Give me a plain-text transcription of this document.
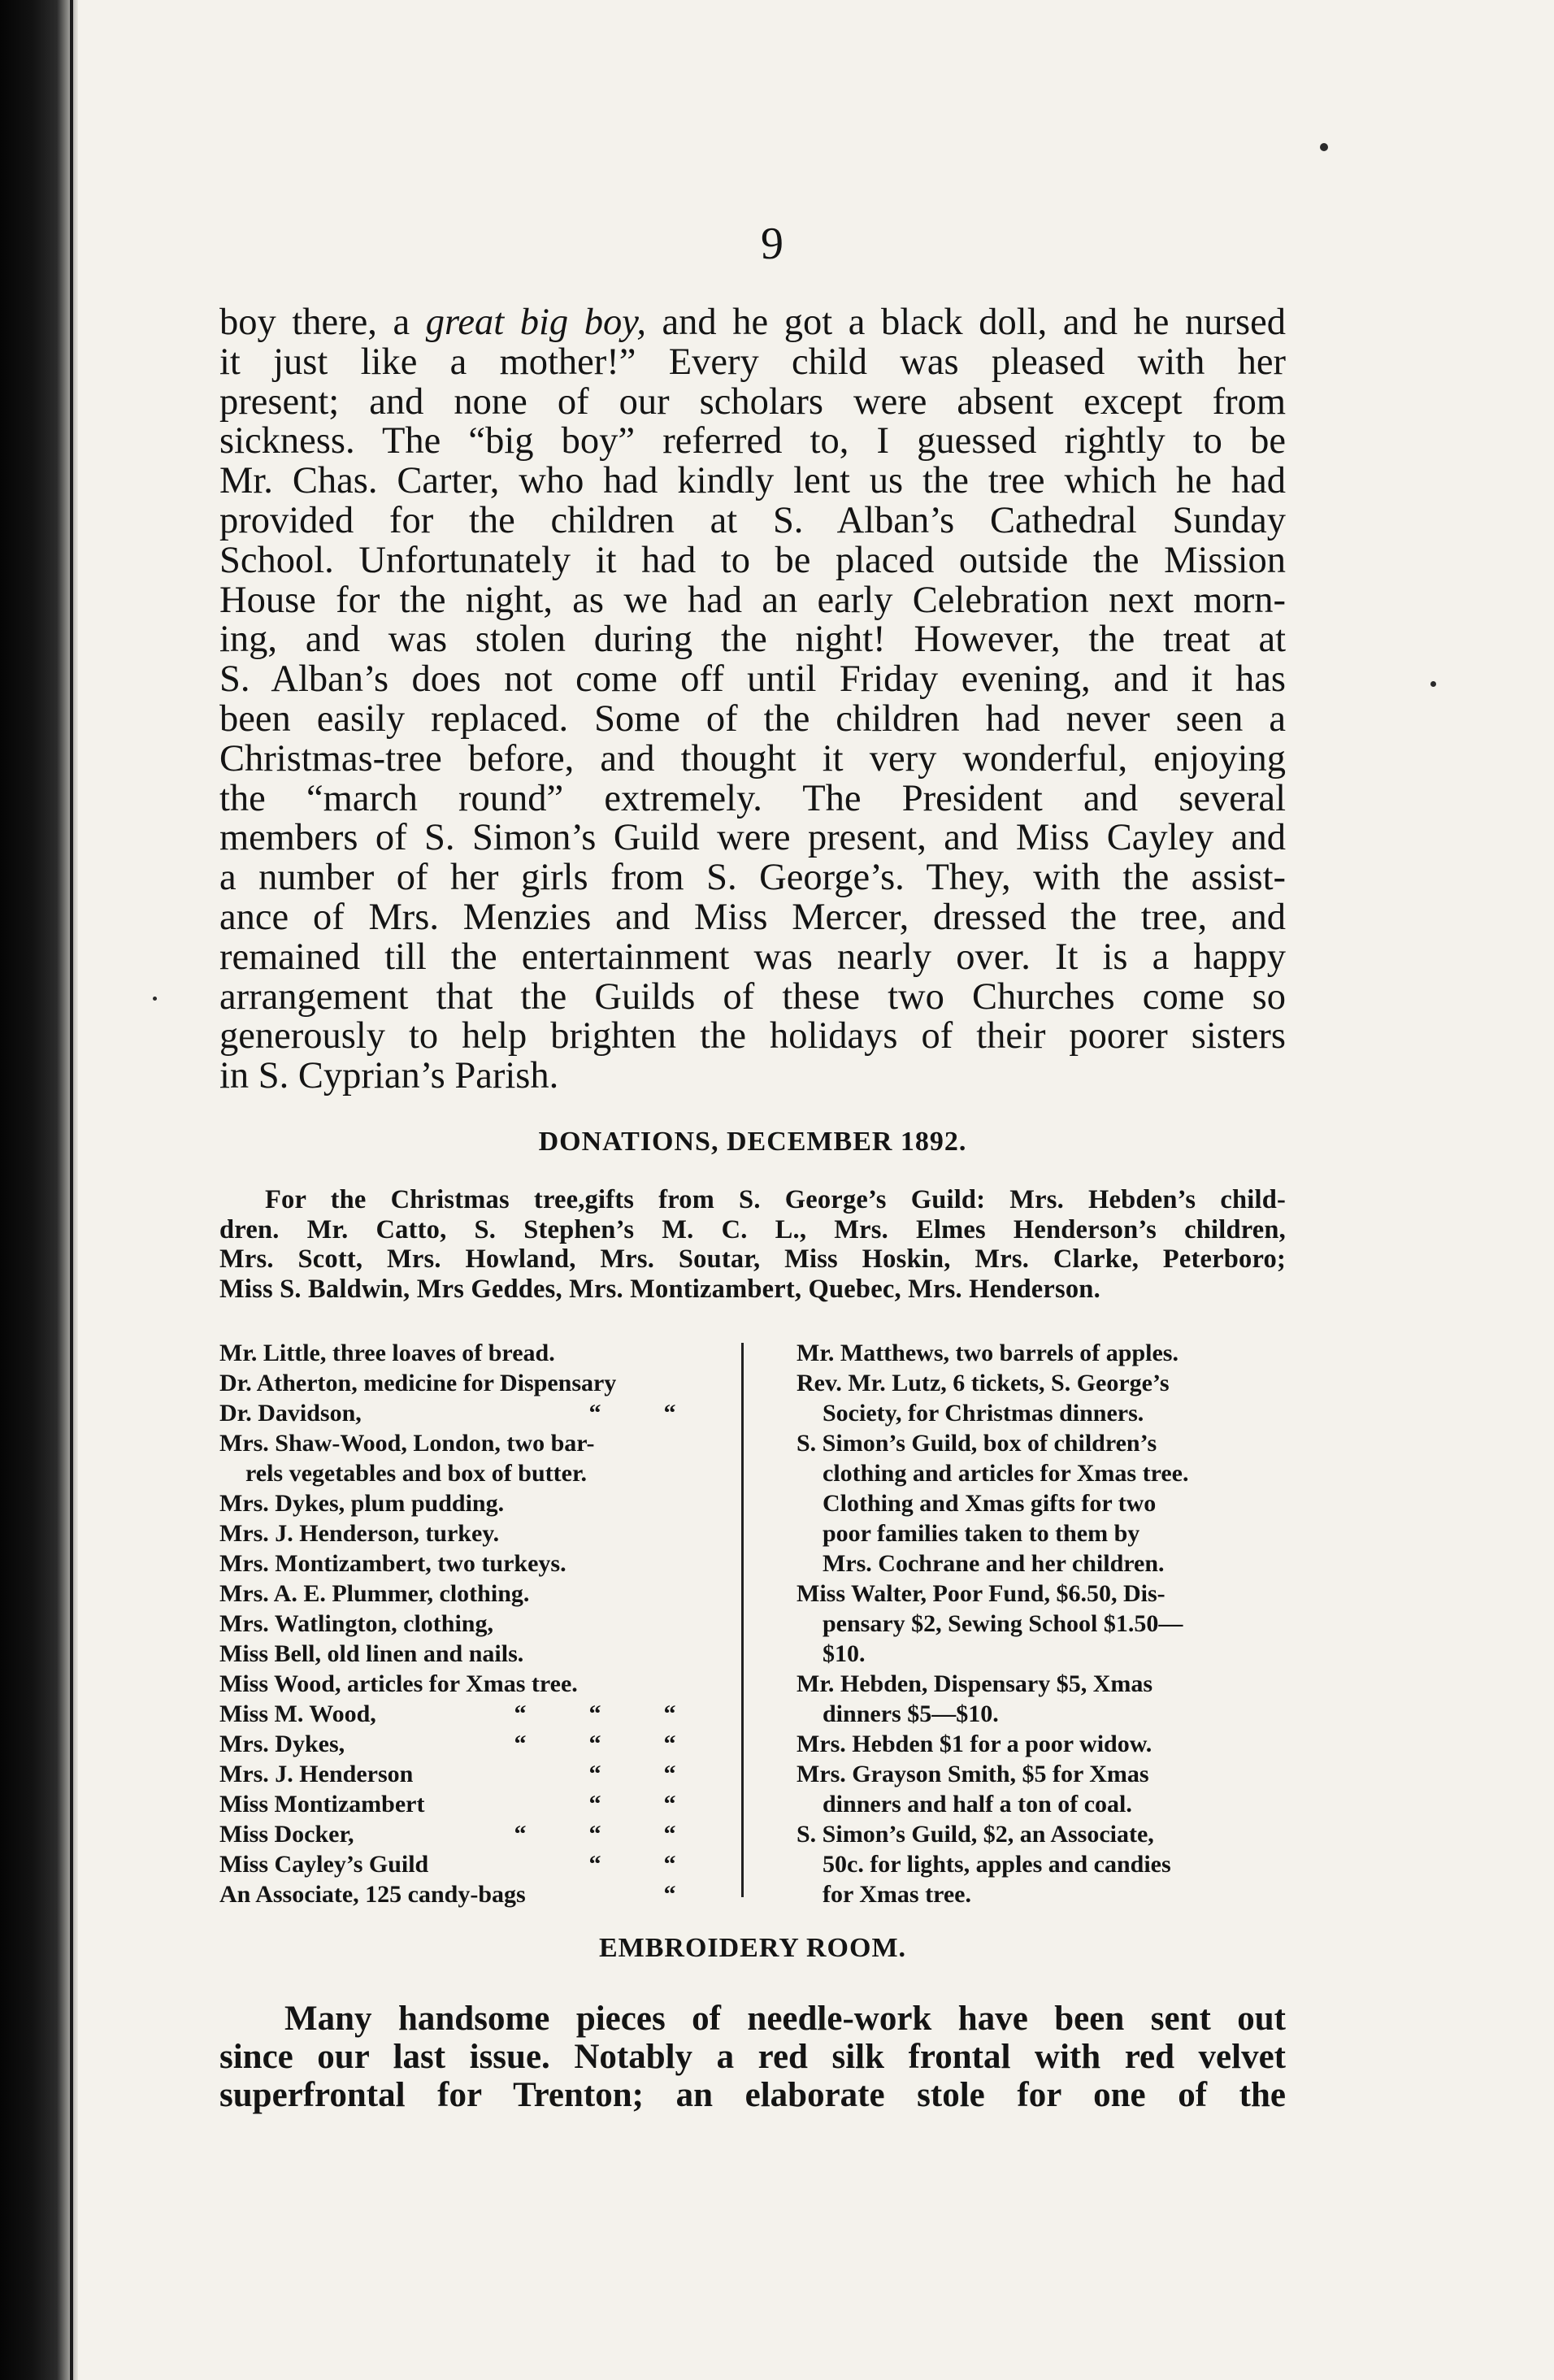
9
boy there, a great big boy, and he got a black doll, and he nursed
it just like a mother!” Every child was pleased with her
present; and none of our scholars were absent except from
sickness. The “big boy” referred to, I guessed rightly to be
Mr. Chas. Carter, who had kindly lent us the tree which he had
provided for the children at S. Alban’s Cathedral Sunday
School. Unfortunately it had to be placed outside the Mission
House for the night, as we had an early Celebration next morn-
ing, and was stolen during the night! However, the treat at
S. Alban’s does not come off until Friday evening, and it has
been easily replaced. Some of the children had never seen a
Christmas-tree before, and thought it very wonderful, enjoying
the “march round” extremely. The President and several
members of S. Simon’s Guild were present, and Miss Cayley and
a number of her girls from S. George’s. They, with the assist-
ance of Mrs. Menzies and Miss Mercer, dressed the tree, and
remained till the entertainment was nearly over. It is a happy
arrangement that the Guilds of these two Churches come so
generously to help brighten the holidays of their poorer sisters
in S. Cyprian’s Parish.
DONATIONS, DECEMBER 1892.
For the Christmas tree,gifts from S. George’s Guild: Mrs. Hebden’s child-
dren. Mr. Catto, S. Stephen’s M. C. L., Mrs. Elmes Henderson’s children,
Mrs. Scott, Mrs. Howland, Mrs. Soutar, Miss Hoskin, Mrs. Clarke, Peterboro;
Miss S. Baldwin, Mrs Geddes, Mrs. Montizambert, Quebec, Mrs. Henderson.
Mr. Little, three loaves of bread.
Dr. Atherton, medicine for Dispensary
Dr. Davidson,	“	“
Mrs. Shaw-Wood, London, two bar-
rels vegetables and box of butter.
Mrs. Dykes, plum pudding.
Mrs. J. Henderson, turkey.
Mrs. Montizambert, two turkeys.
Mrs. A. E. Plummer, clothing.
Mrs. Watlington, clothing,
Miss Bell, old linen and nails.
Miss Wood, articles for Xmas tree.
Miss M. Wood,	“	“	“
Mrs. Dykes,	“	“	“
Mrs. J. Henderson	“	“
Miss Montizambert	“	“
Miss Docker,	“	“	“
Miss Cayley’s Guild	“	“
An Associate, 125 candy-bags	“
Mr. Matthews, two barrels of apples.
Rev. Mr. Lutz, 6 tickets, S. George’s
Society, for Christmas dinners.
S. Simon’s Guild, box of children’s
clothing and articles for Xmas tree.
Clothing and Xmas gifts for two
poor families taken to them by
Mrs. Cochrane and her children.
Miss Walter, Poor Fund, $6.50, Dis-
pensary $2, Sewing School $1.50—
$10.
Mr. Hebden, Dispensary $5, Xmas
dinners $5—$10.
Mrs. Hebden $1 for a poor widow.
Mrs. Grayson Smith, $5 for Xmas
dinners and half a ton of coal.
S. Simon’s Guild, $2, an Associate,
50c. for lights, apples and candies
for Xmas tree.
EMBROIDERY ROOM.
Many handsome pieces of needle-work have been sent out
since our last issue. Notably a red silk frontal with red velvet
superfrontal for Trenton; an elaborate stole for one of the
